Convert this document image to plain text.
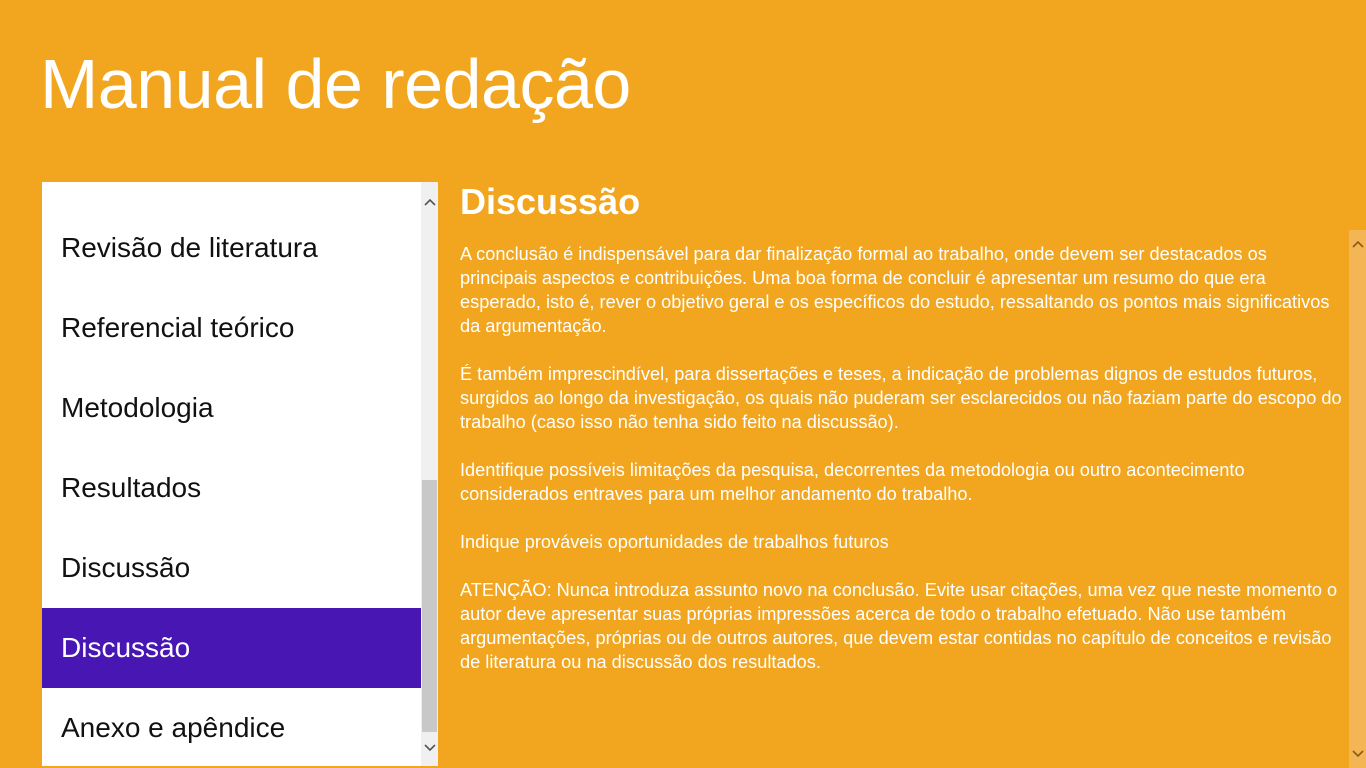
Manual de redação
Revisão de literatura
Referencial teórico
Metodologia
Resultados
Discussão
Discussão
Anexo e apêndice
Discussão

A conclusão é indispensável para dar finalização formal ao trabalho, onde devem ser destacados os principais aspectos e contribuições. Uma boa forma de concluir é apresentar um resumo do que era esperado, isto é, rever o objetivo geral e os específicos do estudo, ressaltando os pontos mais significativos da argumentação.

É também imprescindível, para dissertações e teses, a indicação de problemas dignos de estudos futuros, surgidos ao longo da investigação, os quais não puderam ser esclarecidos ou não faziam parte do escopo do trabalho (caso isso não tenha sido feito na discussão).

Identifique possíveis limitações da pesquisa, decorrentes da metodologia ou outro acontecimento considerados entraves para um melhor andamento do trabalho.

Indique prováveis oportunidades de trabalhos futuros

ATENÇÃO: Nunca introduza assunto novo na conclusão. Evite usar citações, uma vez que neste momento o autor deve apresentar suas próprias impressões acerca de todo o trabalho efetuado. Não use também argumentações, próprias ou de outros autores, que devem estar contidas no capítulo de conceitos e revisão de literatura ou na discussão dos resultados.
